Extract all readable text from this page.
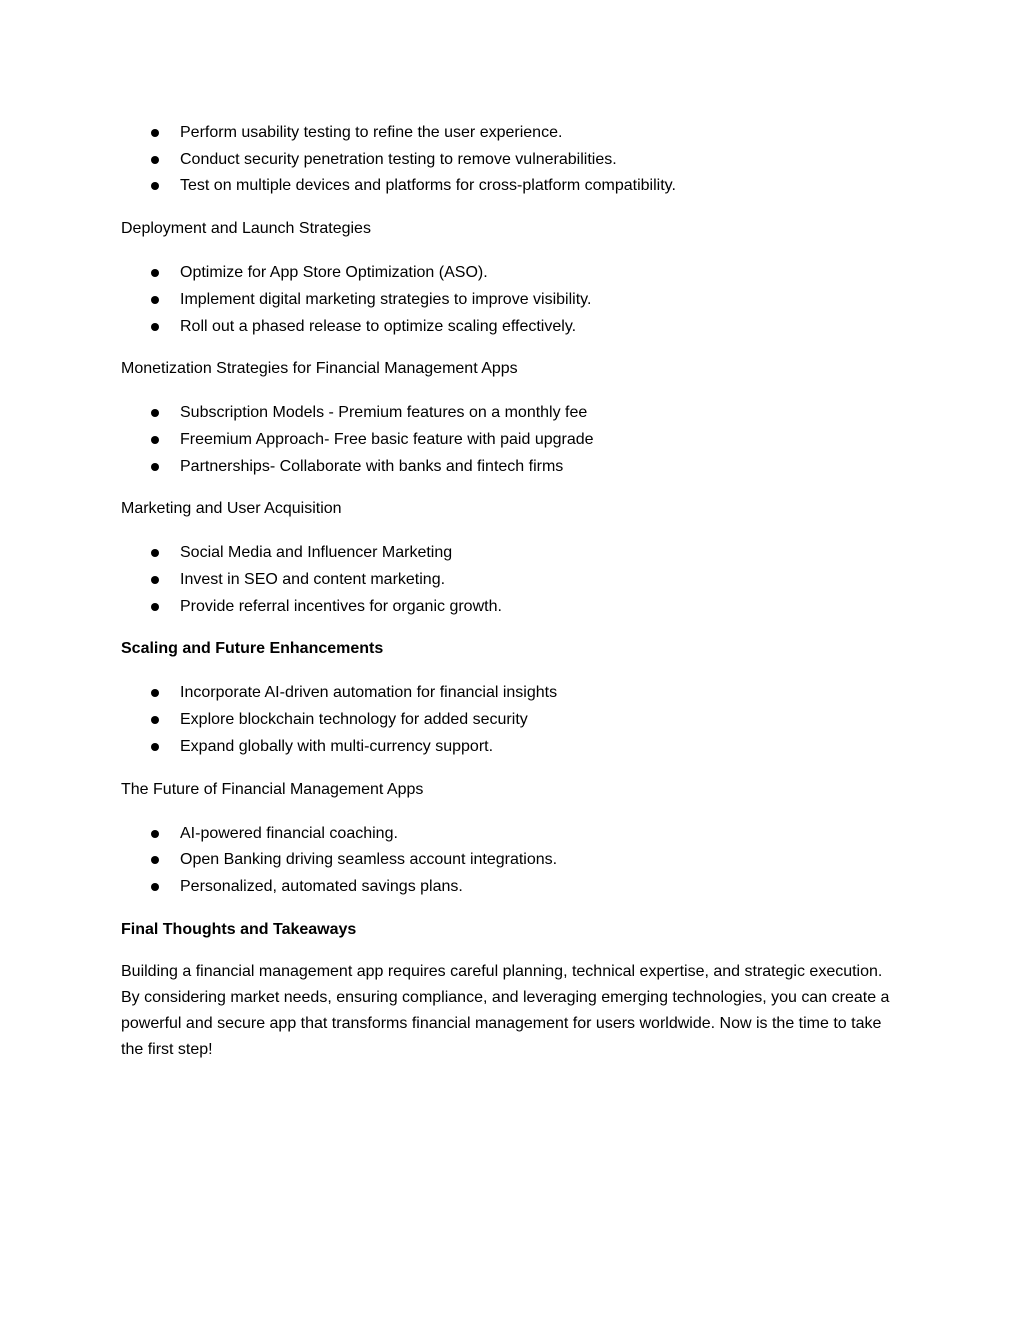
Perform usability testing to refine the user experience.
Conduct security penetration testing to remove vulnerabilities.
Test on multiple devices and platforms for cross-platform compatibility.

Deployment and Launch Strategies

Optimize for App Store Optimization (ASO).
Implement digital marketing strategies to improve visibility.
Roll out a phased release to optimize scaling effectively.

Monetization Strategies for Financial Management Apps

Subscription Models - Premium features on a monthly fee
Freemium Approach- Free basic feature with paid upgrade
Partnerships- Collaborate with banks and fintech firms

Marketing and User Acquisition

Social Media and Influencer Marketing
Invest in SEO and content marketing.
Provide referral incentives for organic growth.

Scaling and Future Enhancements

Incorporate AI-driven automation for financial insights
Explore blockchain technology for added security
Expand globally with multi-currency support.

The Future of Financial Management Apps

AI-powered financial coaching.
Open Banking driving seamless account integrations.
Personalized, automated savings plans.

Final Thoughts and Takeaways

Building a financial management app requires careful planning, technical expertise, and strategic execution. By considering market needs, ensuring compliance, and leveraging emerging technologies, you can create a powerful and secure app that transforms financial management for users worldwide. Now is the time to take the first step!
